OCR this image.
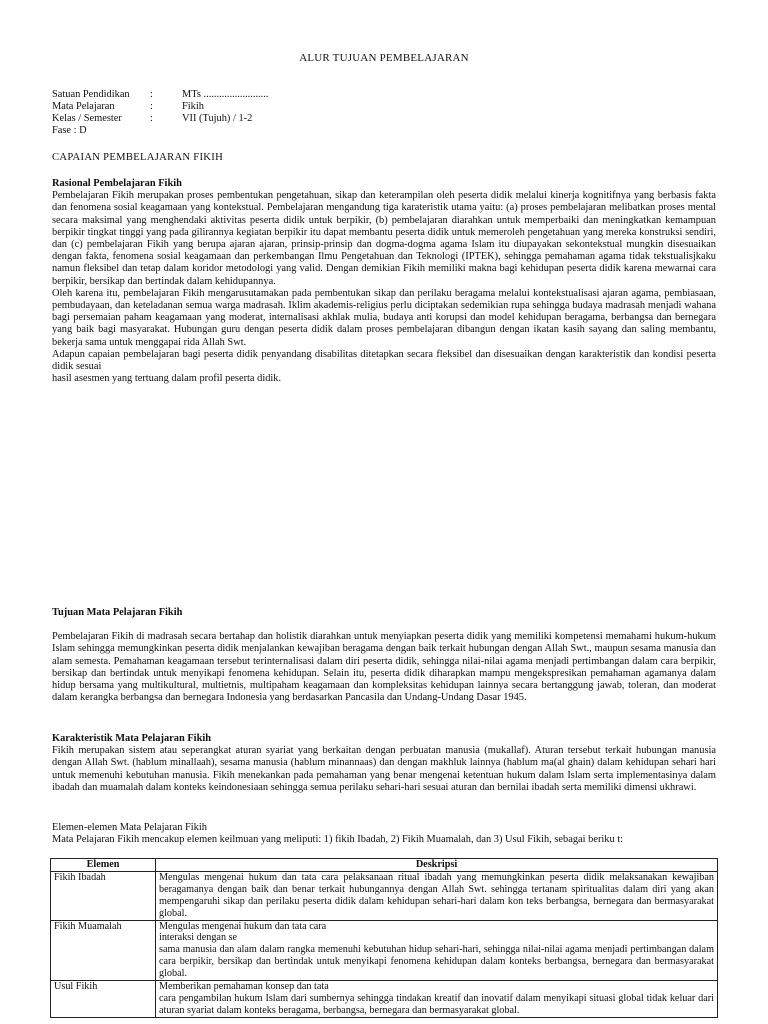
ALUR TUJUAN PEMBELAJARAN
Satuan Pendidikan :	MTs .........................
Mata Pelajaran	:	Fikih
Kelas / Semester	:	VII (Tujuh) / 1-2
Fase : D
CAPAIAN PEMBELAJARAN FIKIH
Rasional Pembelajaran Fikih

Pembelajaran Fikih merupakan proses pembentukan pengetahuan, sikap dan keterampilan oleh peserta didik melalui kinerja kognitifnya yang berbasis fakta dan fenomena sosial keagamaan yang kontekstual. Pembelajaran mengandung tiga karateristik utama yaitu: (a) proses pembelajaran melibatkan proses mental secara maksimal yang menghendaki aktivitas peserta didik untuk berpikir, (b) pembelajaran diarahkan untuk memperbaiki dan meningkatkan kemampuan berpikir tingkat tinggi yang pada gilirannya kegiatan berpikir itu dapat membantu peserta didik untuk memeroleh pengetahuan yang mereka konstruksi sendiri, dan (c) pembelajaran Fikih yang berupa ajaran ajaran, prinsip-prinsip dan dogma-dogma agama Islam itu diupayakan sekontekstual mungkin disesuaikan dengan fakta, fenomena sosial keagamaan dan perkembangan Ilmu Pengetahuan dan Teknologi (IPTEK), sehingga pemahaman agama tidak tekstualisjkaku namun fleksibel dan tetap dalam koridor metodologi yang valid. Dengan demikian Fikih memiliki makna bagi kehidupan peserta didik karena mewarnai cara berpikir, bersikap dan bertindak dalam kehidupannya.

Oleh karena itu, pembelajaran Fikih mengarusutamakan pada pembentukan sikap dan perilaku beragama melalui kontekstualisasi ajaran agama, pembiasaan, pembudayaan, dan keteladanan semua warga madrasah. Iklim akademis-religius perlu diciptakan sedemikian rupa sehingga budaya madrasah menjadi wahana bagi persemaian paham keagamaan yang moderat, internalisasi akhlak mulia, budaya anti korupsi dan model kehidupan beragama, berbangsa dan bernegara yang baik bagi masyarakat. Hubungan guru dengan peserta didik dalam proses pembelajaran dibangun dengan ikatan kasih sayang dan saling membantu, bekerja sama untuk menggapai rida Allah Swt.

Adapun capaian pembelajaran bagi peserta didik penyandang disabilitas ditetapkan secara fleksibel dan disesuaikan dengan karakteristik dan kondisi peserta didik sesuai

hasil asesmen yang tertuang dalam profil peserta didik.

Tujuan Mata Pelajaran Fikih

Pembelajaran Fikih di madrasah secara bertahap dan holistik diarahkan untuk menyiapkan peserta didik yang memiliki kompetensi memahami hukum-hukum Islam sehingga memungkinkan peserta didik menjalankan kewajiban beragama dengan baik terkait hubungan dengan Allah Swt., maupun sesama manusia dan alam semesta. Pemahaman keagamaan tersebut terinternalisasi dalam diri peserta didik, sehingga nilai-nilai agama menjadi pertimbangan dalam cara berpikir, bersikap dan bertindak untuk menyikapi fenomena kehidupan. Selain itu, peserta didik diharapkan mampu mengekspresikan pemahaman agamanya dalam hidup bersama yang multikultural, multietnis, multipaham keagamaan dan kompleksitas kehidupan lainnya secara bertanggung jawab, toleran, dan moderat dalam kerangka berbangsa dan bernegara Indonesia yang berdasarkan Pancasila dan Undang-Undang Dasar 1945.

Karakteristik Mata Pelajaran Fikih

Fikih merupakan sistem atau seperangkat aturan syariat yang berkaitan dengan perbuatan manusia (mukallaf). Aturan tersebut terkait hubungan manusia dengan Allah Swt. (hablum minallaah), sesama manusia (hablum minannaas) dan dengan makhluk lainnya (hablum ma(al ghain) dalam kehidupan sehari hari untuk memenuhi kebutuhan manusia. Fikih menekankan pada pemahaman yang benar mengenai ketentuan hukum dalam Islam serta implementasinya dalam ibadah dan muamalah dalam konteks keindonesiaan sehingga semua perilaku sehari-hari sesuai aturan dan bernilai ibadah serta memiliki dimensi ukhrawi.

Elemen-elemen Mata Pelajaran Fikih
Mata Pelajaran Fikih mencakup elemen keilmuan yang meliputi: 1) fikih Ibadah, 2) Fikih Muamalah, dan 3) Usul Fikih, sebagai beriku t:
Elemen	Deskripsi
Fikih Ibadah	Mengulas mengenai hukum dan tata cara pelaksanaan ritual ibadah yang memungkinkan peserta didik melaksanakan kewajiban beragamanya dengan baik dan benar terkait hubungannya dengan Allah Swt. sehingga tertanam spiritualitas dalam diri yang akan mempengaruhi sikap dan perilaku peserta didik dalam kehidupan sehari-hari dalam kon teks berbangsa, bernegara dan bermasyarakat global.

Fikih Muamalah	Mengulas mengenai hukum dan tata cara
interaksi dengan se
sama manusia dan alam dalam rangka memenuhi kebutuhan hidup sehari-hari, sehingga nilai-nilai agama menjadi pertimbangan dalam cara berpikir, bersikap dan bertindak untuk menyikapi fenomena kehidupan dalam konteks berbangsa, bernegara dan bermasyarakat global.

Usul Fikih	Memberikan pemahaman konsep dan tata
cara pengambilan hukum Islam dari sumbernya sehingga tindakan kreatif dan inovatif dalam menyikapi situasi global tidak keluar dari aturan syariat dalam konteks beragama, berbangsa, bernegara dan bermasyarakat global.
